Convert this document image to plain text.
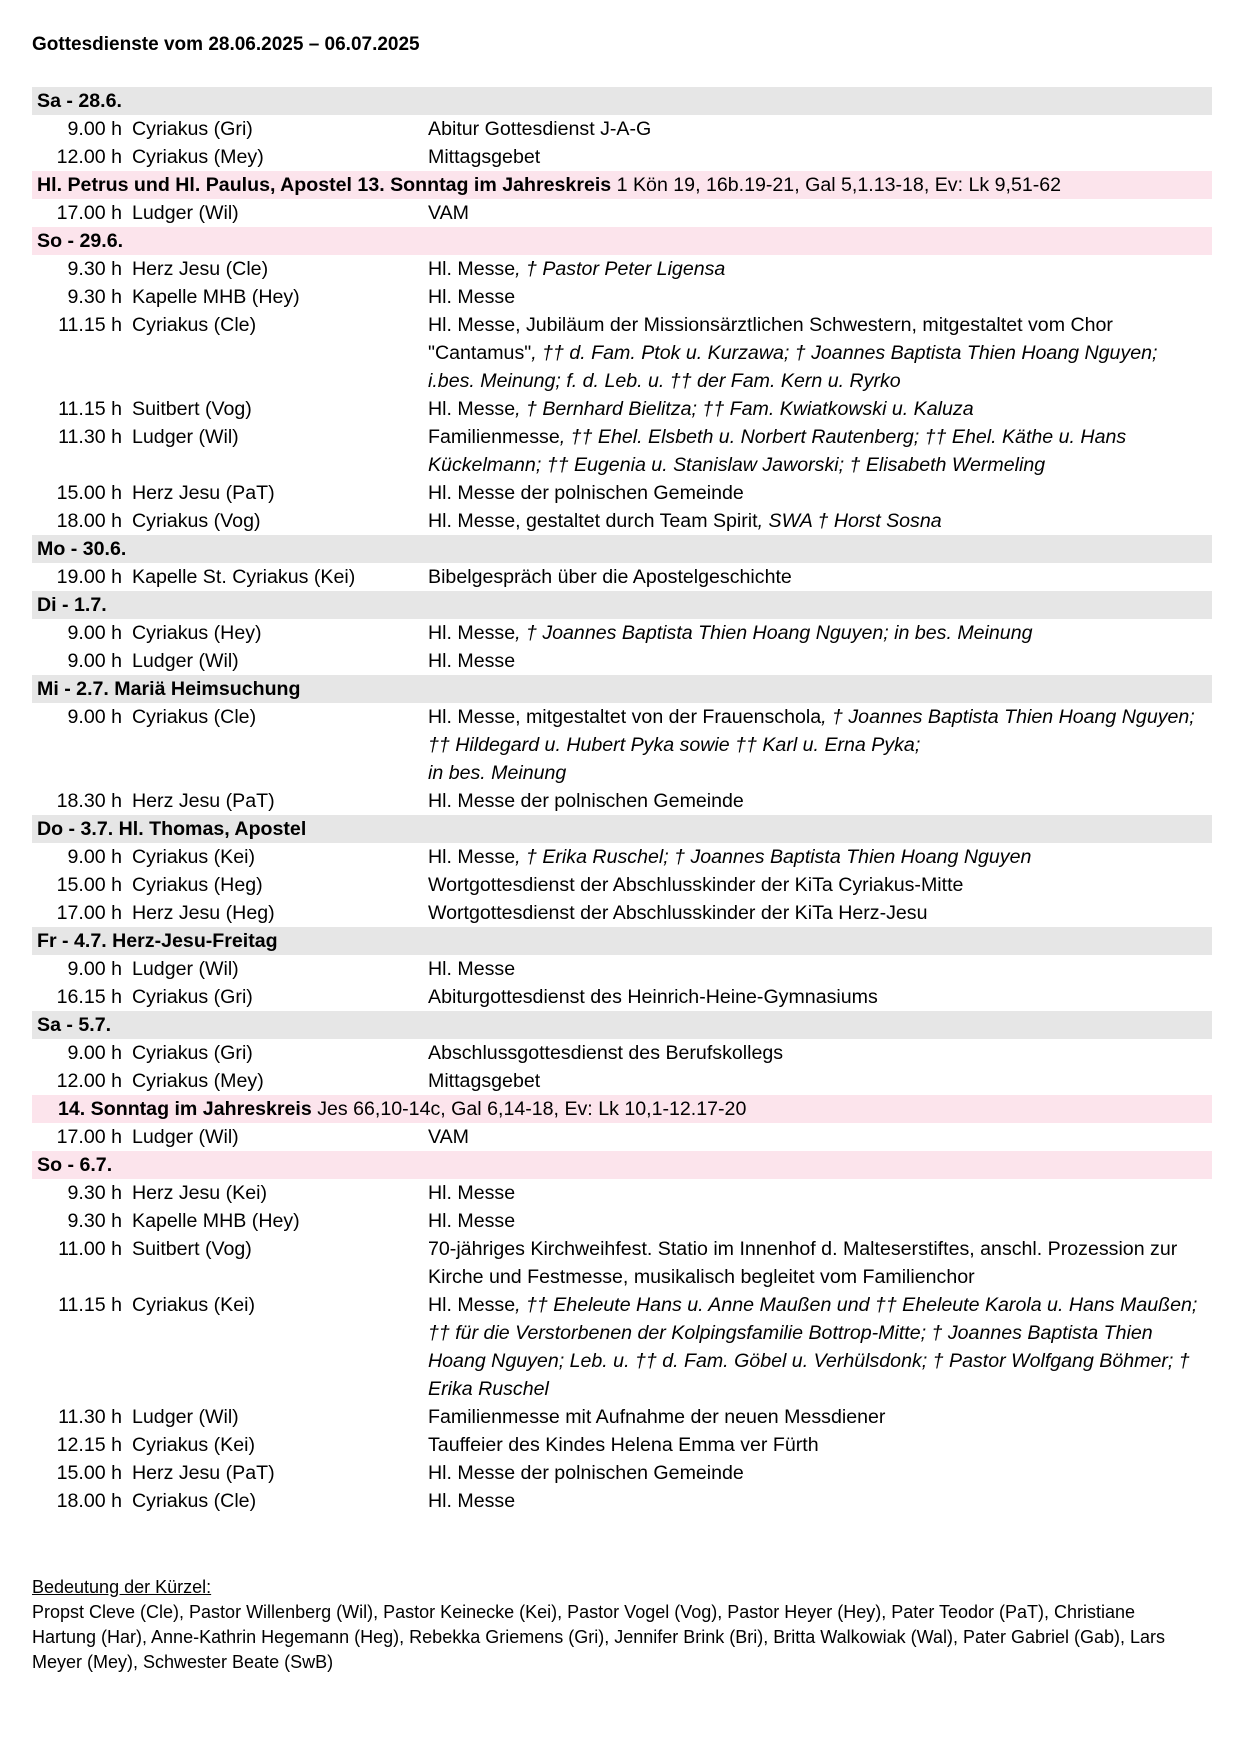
Gottesdienste vom 28.06.2025 – 06.07.2025
Sa - 28.6.
9.00 h Cyriakus (Gri)	Abitur Gottesdienst J-A-G
12.00 h Cyriakus (Mey)	Mittagsgebet
Hl. Petrus und Hl. Paulus, Apostel 13. Sonntag im Jahreskreis 1 Kön 19, 16b.19-21, Gal 5,1.13-18, Ev: Lk 9,51-62
17.00 h Ludger (Wil)	VAM
So - 29.6.
9.30 h Herz Jesu (Cle)	Hl. Messe, † Pastor Peter Ligensa
9.30 h Kapelle MHB (Hey)	Hl. Messe
11.15 h Cyriakus (Cle)	Hl. Messe, Jubiläum der Missionsärztlichen Schwestern, mitgestaltet vom Chor "Cantamus", †† d. Fam. Ptok u. Kurzawa; † Joannes Baptista Thien Hoang Nguyen; i.bes. Meinung; f. d. Leb. u. †† der Fam. Kern u. Ryrko
11.15 h Suitbert (Vog)	Hl. Messe, † Bernhard Bielitza; †† Fam. Kwiatkowski u. Kaluza
11.30 h Ludger (Wil)	Familienmesse, †† Ehel. Elsbeth u. Norbert Rautenberg; †† Ehel. Käthe u. Hans Kückelmann; †† Eugenia u. Stanislaw Jaworski; † Elisabeth Wermeling
15.00 h Herz Jesu (PaT)	Hl. Messe der polnischen Gemeinde
18.00 h Cyriakus (Vog)	Hl. Messe, gestaltet durch Team Spirit, SWA † Horst Sosna
Mo - 30.6.
19.00 h Kapelle St. Cyriakus (Kei)	Bibelgespräch über die Apostelgeschichte
Di - 1.7.
9.00 h Cyriakus (Hey)	Hl. Messe, † Joannes Baptista Thien Hoang Nguyen; in bes. Meinung
9.00 h Ludger (Wil)	Hl. Messe
Mi - 2.7. Mariä Heimsuchung
9.00 h Cyriakus (Cle)	Hl. Messe, mitgestaltet von der Frauenschola, † Joannes Baptista Thien Hoang Nguyen; †† Hildegard u. Hubert Pyka sowie †† Karl u. Erna Pyka;
in bes. Meinung
18.30 h Herz Jesu (PaT)	Hl. Messe der polnischen Gemeinde
Do - 3.7. Hl. Thomas, Apostel
9.00 h Cyriakus (Kei)	Hl. Messe, † Erika Ruschel; † Joannes Baptista Thien Hoang Nguyen
15.00 h Cyriakus (Heg)	Wortgottesdienst der Abschlusskinder der KiTa Cyriakus-Mitte
17.00 h Herz Jesu (Heg)	Wortgottesdienst der Abschlusskinder der KiTa Herz-Jesu
Fr - 4.7. Herz-Jesu-Freitag
9.00 h Ludger (Wil)	Hl. Messe
16.15 h Cyriakus (Gri)	Abiturgottesdienst des Heinrich-Heine-Gymnasiums
Sa - 5.7.
9.00 h Cyriakus (Gri)	Abschlussgottesdienst des Berufskollegs
12.00 h Cyriakus (Mey)	Mittagsgebet
14. Sonntag im Jahreskreis Jes 66,10-14c, Gal 6,14-18, Ev: Lk 10,1-12.17-20
17.00 h Ludger (Wil)	VAM
So - 6.7.
9.30 h Herz Jesu (Kei)	Hl. Messe
9.30 h Kapelle MHB (Hey)	Hl. Messe
11.00 h Suitbert (Vog)	70-jähriges Kirchweihfest. Statio im Innenhof d. Malteserstiftes, anschl. Prozession zur Kirche und Festmesse, musikalisch begleitet vom Familienchor
11.15 h Cyriakus (Kei)	Hl. Messe, †† Eheleute Hans u. Anne Maußen und †† Eheleute Karola u. Hans Maußen; †† für die Verstorbenen der Kolpingsfamilie Bottrop-Mitte; † Joannes Baptista Thien Hoang Nguyen; Leb. u. †† d. Fam. Göbel u. Verhülsdonk; † Pastor Wolfgang Böhmer; † Erika Ruschel
11.30 h Ludger (Wil)	Familienmesse mit Aufnahme der neuen Messdiener
12.15 h Cyriakus (Kei)	Tauffeier des Kindes Helena Emma ver Fürth
15.00 h Herz Jesu (PaT)	Hl. Messe der polnischen Gemeinde
18.00 h Cyriakus (Cle)	Hl. Messe
Bedeutung der Kürzel:
Propst Cleve (Cle), Pastor Willenberg (Wil), Pastor Keinecke (Kei), Pastor Vogel (Vog), Pastor Heyer (Hey), Pater Teodor (PaT), Christiane Hartung (Har), Anne-Kathrin Hegemann (Heg), Rebekka Griemens (Gri), Jennifer Brink (Bri), Britta Walkowiak (Wal), Pater Gabriel (Gab), Lars Meyer (Mey), Schwester Beate (SwB)
